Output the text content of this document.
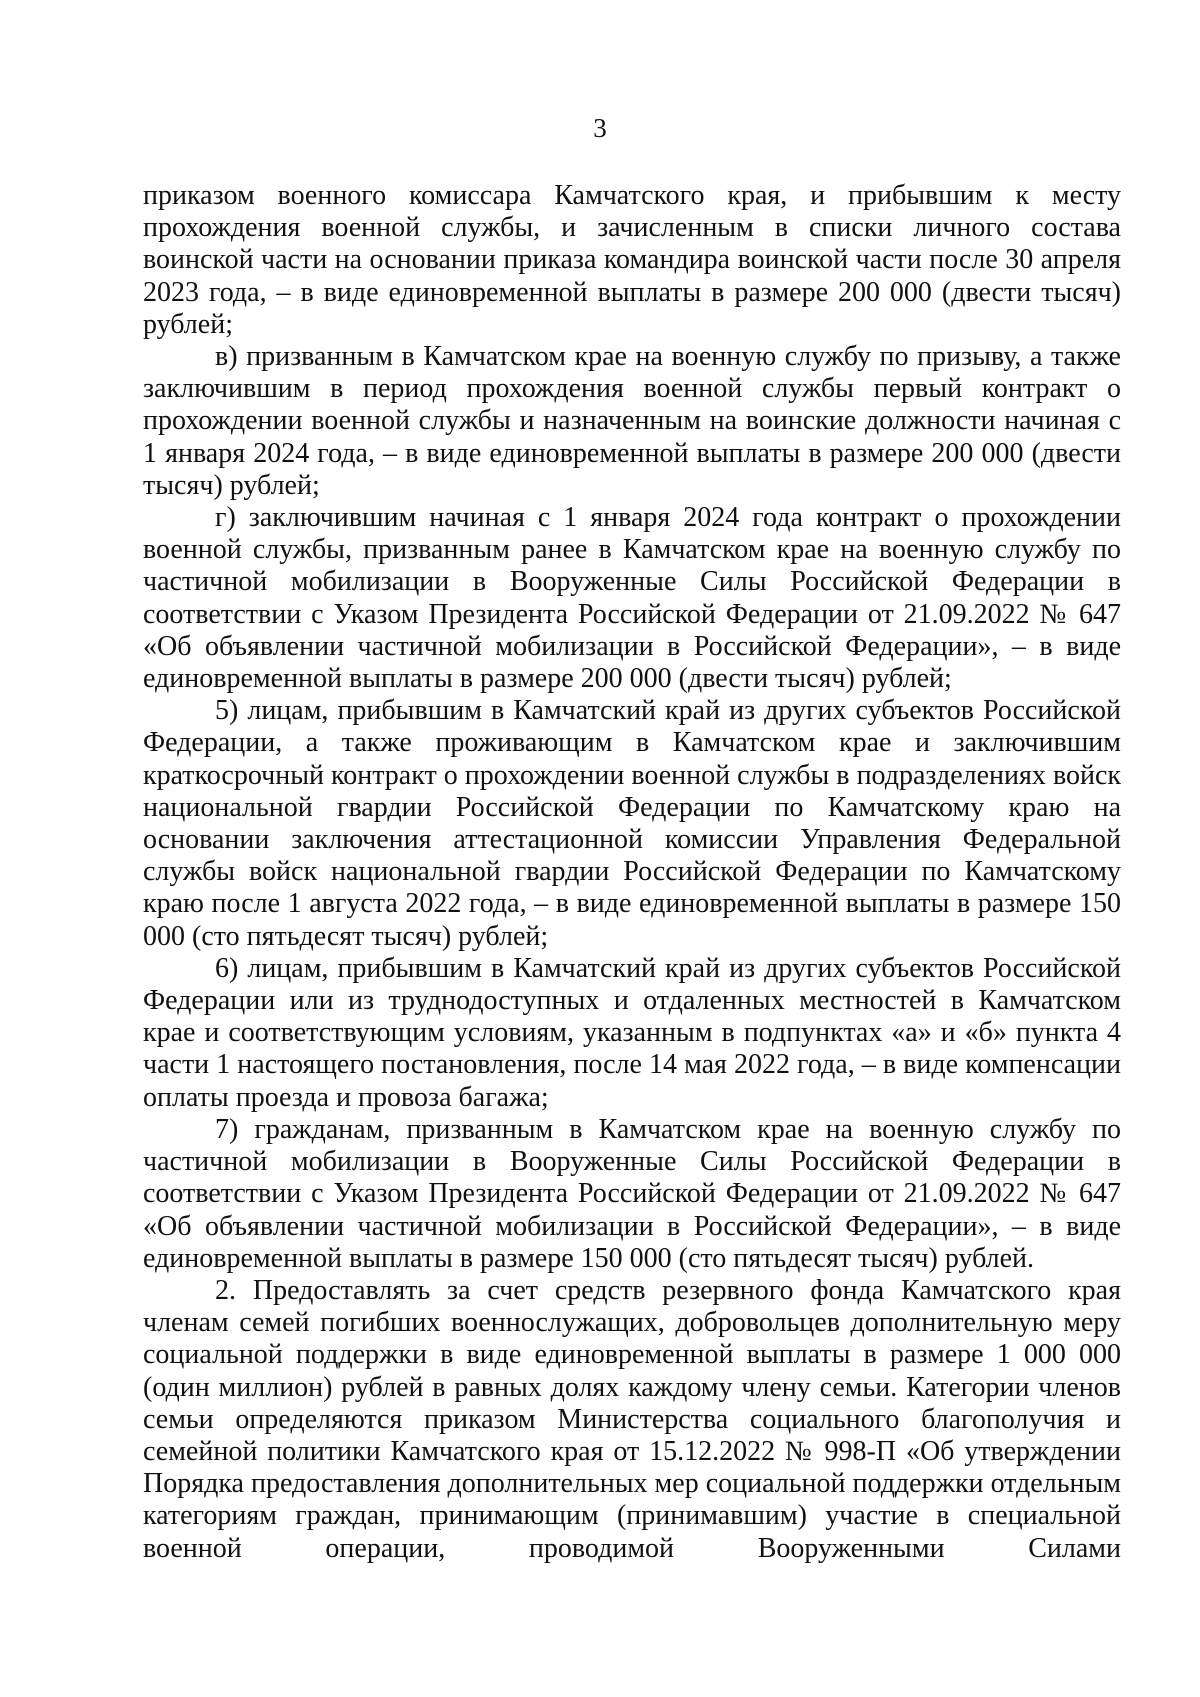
3

приказом военного комиссара Камчатского края, и прибывшим к месту прохождения военной службы, и зачисленным в списки личного состава воинской части на основании приказа командира воинской части после 30 апреля 2023 года, – в виде единовременной выплаты в размере 200 000 (двести тысяч) рублей;

в) призванным в Камчатском крае на военную службу по призыву, а также заключившим в период прохождения военной службы первый контракт о прохождении военной службы и назначенным на воинские должности начиная с 1 января 2024 года, – в виде единовременной выплаты в размере 200 000 (двести тысяч) рублей;

г) заключившим начиная с 1 января 2024 года контракт о прохождении военной службы, призванным ранее в Камчатском крае на военную службу по частичной мобилизации в Вооруженные Силы Российской Федерации в соответствии с Указом Президента Российской Федерации от 21.09.2022 № 647 «Об объявлении частичной мобилизации в Российской Федерации», – в виде единовременной выплаты в размере 200 000 (двести тысяч) рублей;

5) лицам, прибывшим в Камчатский край из других субъектов Российской Федерации, а также проживающим в Камчатском крае и заключившим краткосрочный контракт о прохождении военной службы в подразделениях войск национальной гвардии Российской Федерации по Камчатскому краю на основании заключения аттестационной комиссии Управления Федеральной службы войск национальной гвардии Российской Федерации по Камчатскому краю после 1 августа 2022 года, – в виде единовременной выплаты в размере 150 000 (сто пятьдесят тысяч) рублей;

6) лицам, прибывшим в Камчатский край из других субъектов Российской Федерации или из труднодоступных и отдаленных местностей в Камчатском крае и соответствующим условиям, указанным в подпунктах «а» и «б» пункта 4 части 1 настоящего постановления, после 14 мая 2022 года, – в виде компенсации оплаты проезда и провоза багажа;

7) гражданам, призванным в Камчатском крае на военную службу по частичной мобилизации в Вооруженные Силы Российской Федерации в соответствии с Указом Президента Российской Федерации от 21.09.2022 № 647 «Об объявлении частичной мобилизации в Российской Федерации», – в виде единовременной выплаты в размере 150 000 (сто пятьдесят тысяч) рублей.

2. Предоставлять за счет средств резервного фонда Камчатского края членам семей погибших военнослужащих, добровольцев дополнительную меру социальной поддержки в виде единовременной выплаты в размере 1 000 000 (один миллион) рублей в равных долях каждому члену семьи. Категории членов семьи определяются приказом Министерства социального благополучия и семейной политики Камчатского края от 15.12.2022 № 998-П «Об утверждении Порядка предоставления дополнительных мер социальной поддержки отдельным категориям граждан, принимающим (принимавшим) участие в специальной военной операции, проводимой Вооруженными Силами
